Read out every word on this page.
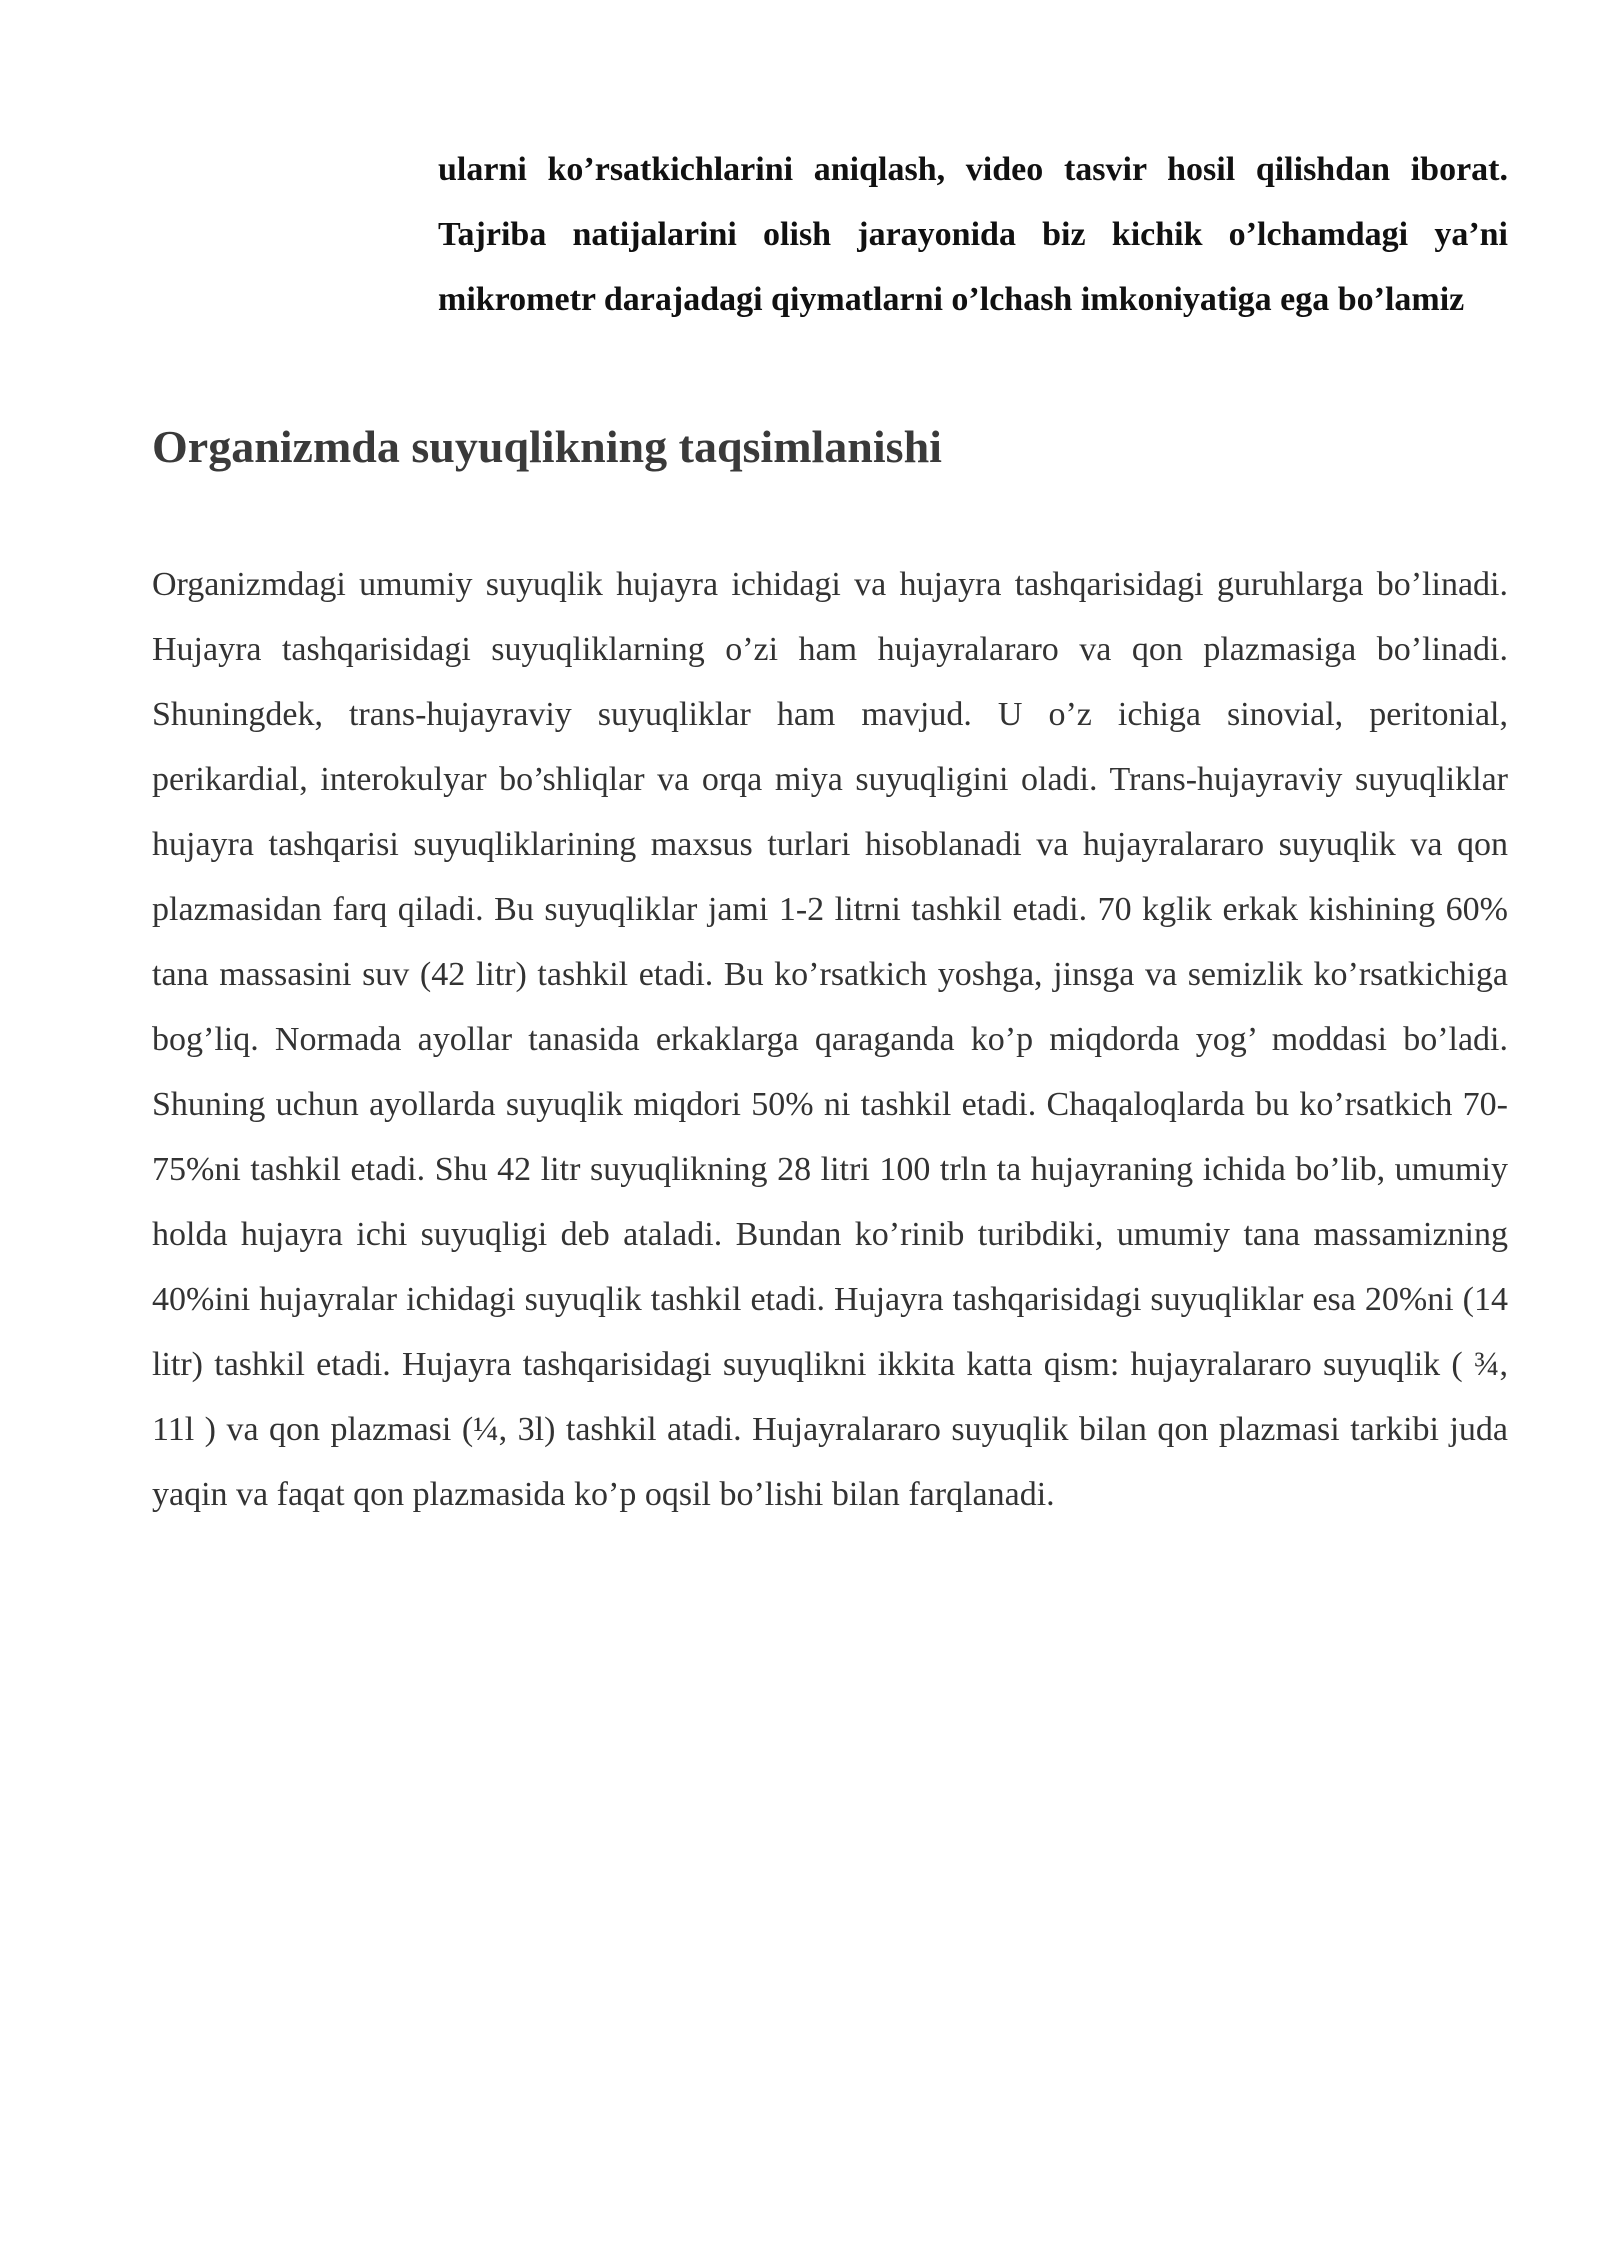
ularni ko’rsatkichlarini aniqlash, video tasvir hosil qilishdan iborat. Tajriba natijalarini olish jarayonida biz kichik o’lchamdagi ya’ni mikrometr darajadagi qiymatlarni o’lchash imkoniyatiga ega bo’lamiz

Organizmda suyuqlikning taqsimlanishi

Organizmdagi umumiy suyuqlik hujayra ichidagi va hujayra tashqarisidagi guruhlarga bo’linadi. Hujayra tashqarisidagi suyuqliklarning o’zi ham hujayralararo va qon plazmasiga bo’linadi. Shuningdek, trans-hujayraviy suyuqliklar ham mavjud. U o’z ichiga sinovial, peritonial, perikardial, interokulyar bo’shliqlar va orqa miya suyuqligini oladi. Trans-hujayraviy suyuqliklar hujayra tashqarisi suyuqliklarining maxsus turlari hisoblanadi va hujayralararo suyuqlik va qon plazmasidan farq qiladi. Bu suyuqliklar jami 1-2 litrni tashkil etadi. 70 kglik erkak kishining 60% tana massasini suv (42 litr) tashkil etadi. Bu ko’rsatkich yoshga, jinsga va semizlik ko’rsatkichiga bog’liq. Normada ayollar tanasida erkaklarga qaraganda ko’p miqdorda yog’ moddasi bo’ladi. Shuning uchun ayollarda suyuqlik miqdori 50% ni tashkil etadi. Chaqaloqlarda bu ko’rsatkich 70-75%ni tashkil etadi. Shu 42 litr suyuqlikning 28 litri 100 trln ta hujayraning ichida bo’lib, umumiy holda hujayra ichi suyuqligi deb ataladi. Bundan ko’rinib turibdiki, umumiy tana massamizning 40%ini hujayralar ichidagi suyuqlik tashkil etadi. Hujayra tashqarisidagi suyuqliklar esa 20%ni (14 litr) tashkil etadi. Hujayra tashqarisidagi suyuqlikni ikkita katta qism: hujayralararo suyuqlik ( ¾, 11l ) va qon plazmasi (¼, 3l) tashkil atadi. Hujayralararo suyuqlik bilan qon plazmasi tarkibi juda yaqin va faqat qon plazmasida ko’p oqsil bo’lishi bilan farqlanadi.
